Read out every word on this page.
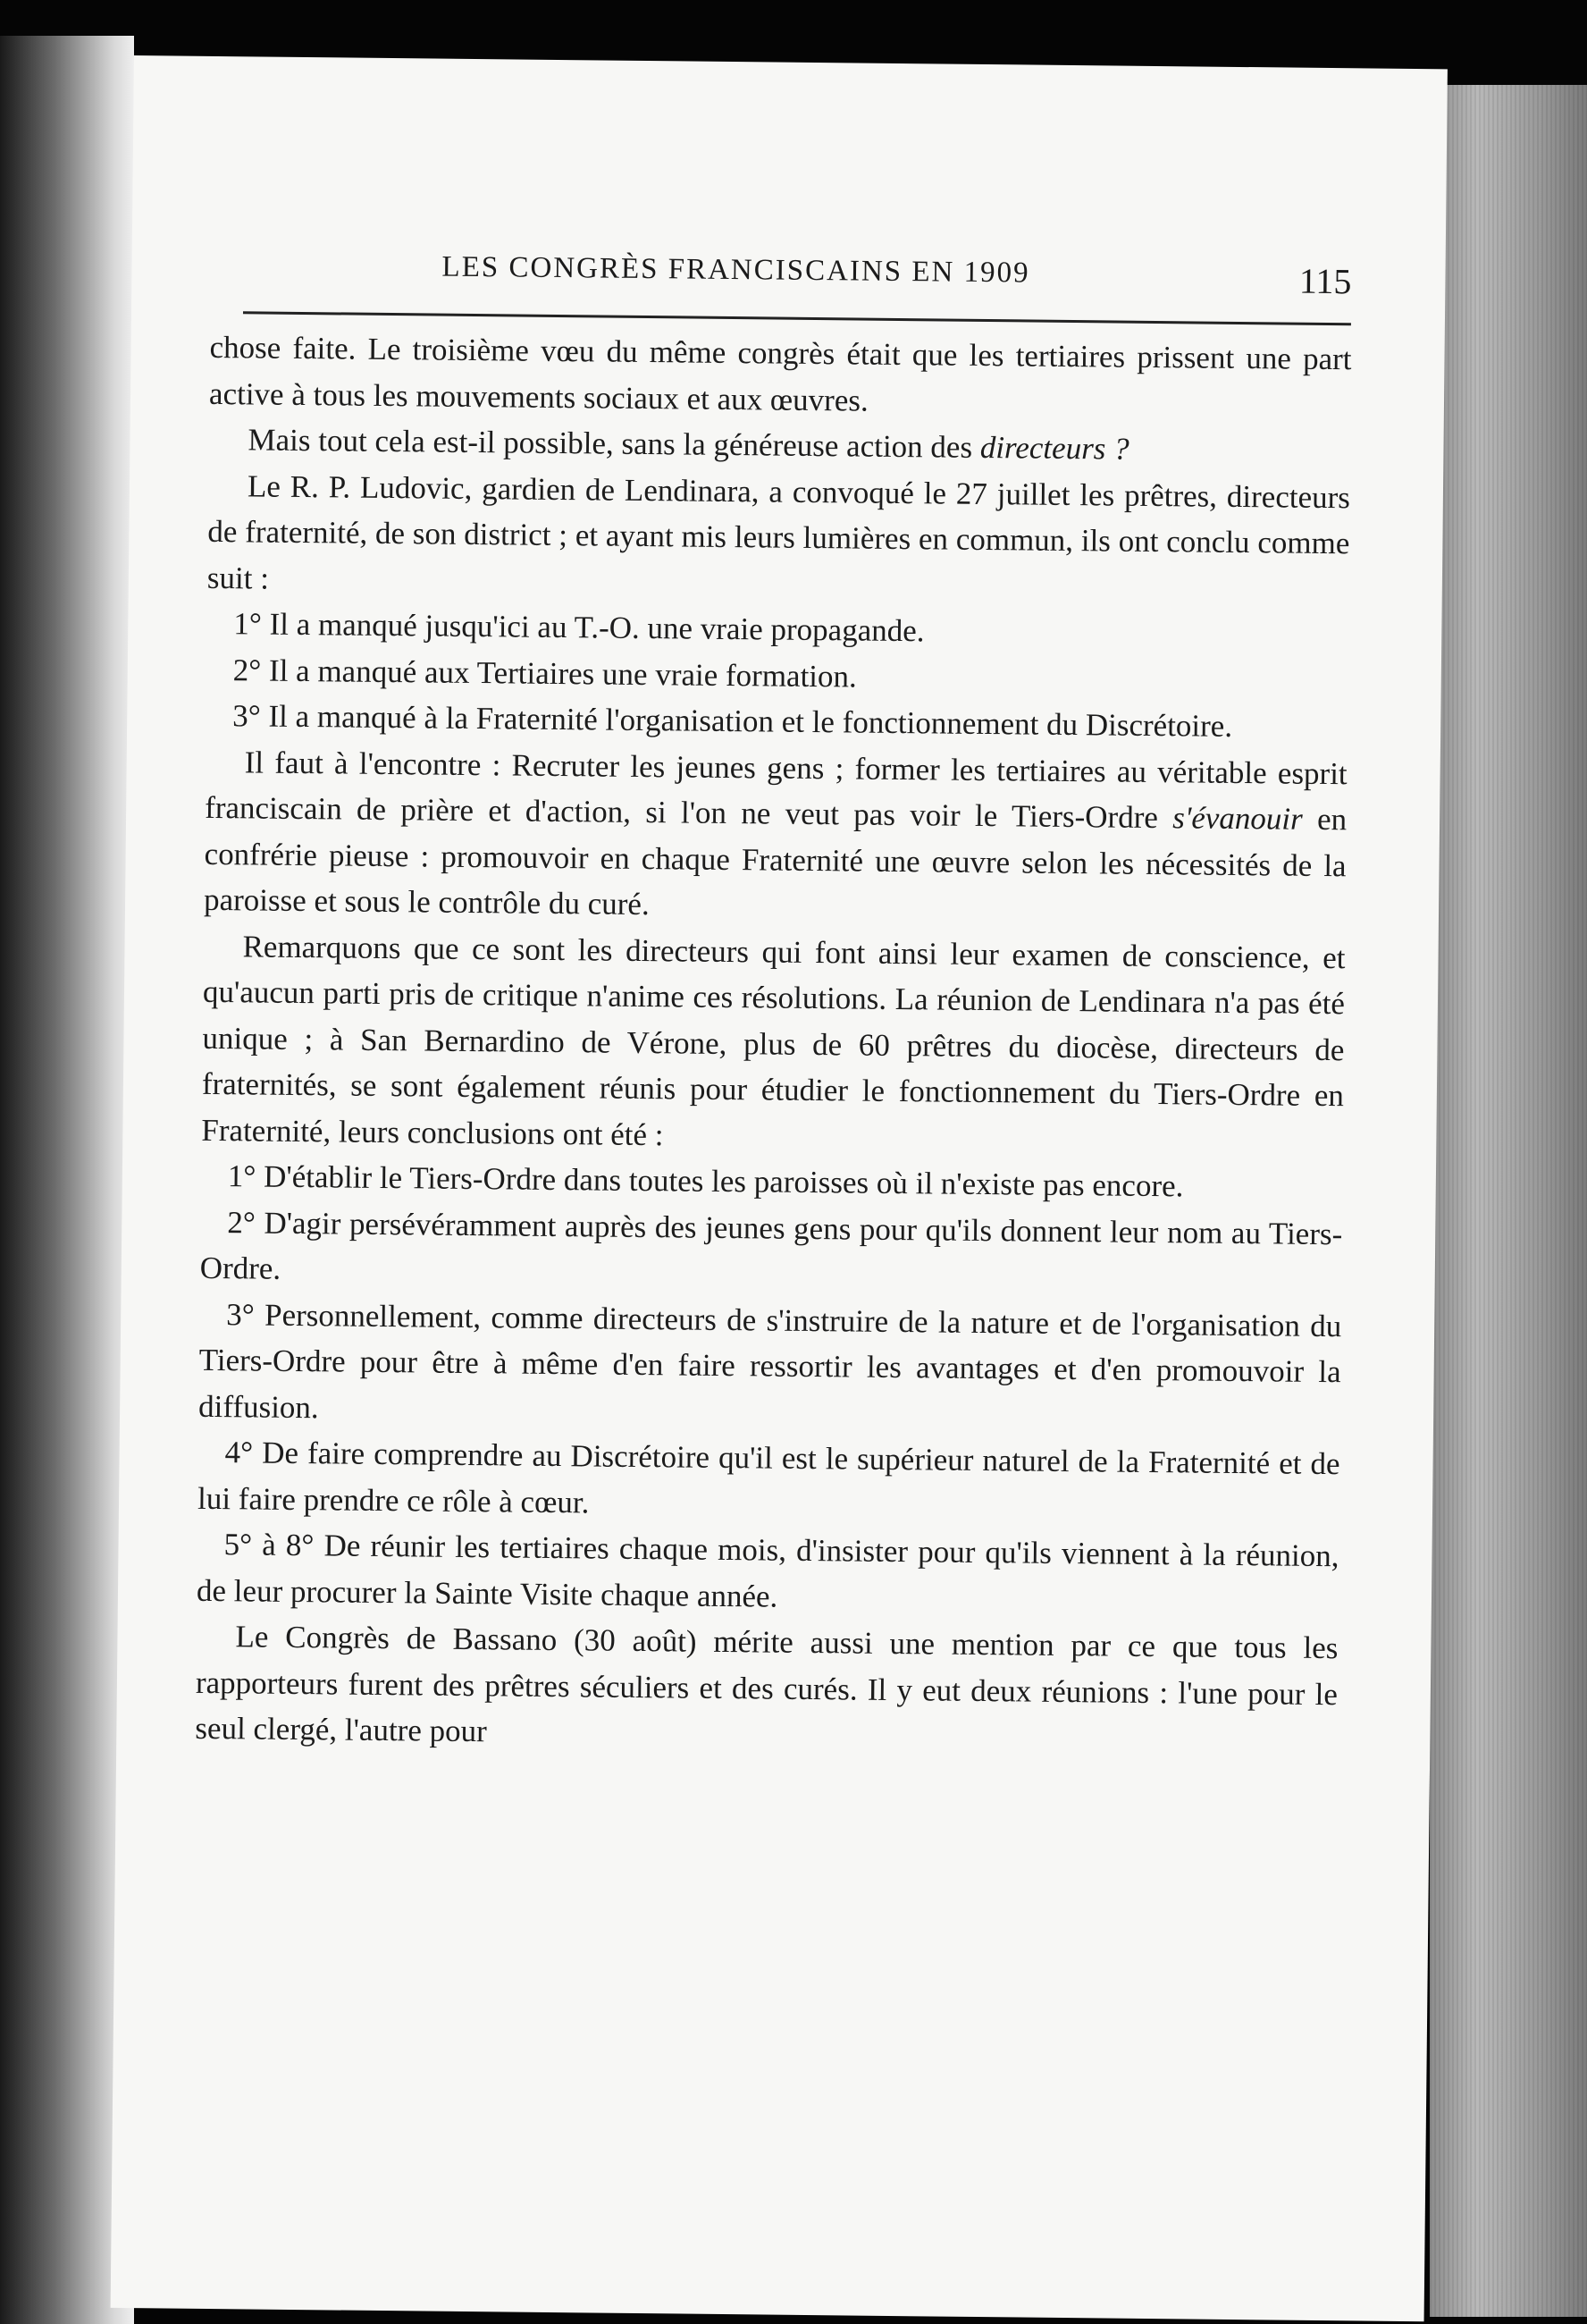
LES CONGRÈS FRANCISCAINS EN 1909	115

chose faite. Le troisième vœu du même congrès était que les tertiaires prissent une part active à tous les mouvements sociaux et aux œuvres.

Mais tout cela est-il possible, sans la généreuse action des directeurs ?

Le R. P. Ludovic, gardien de Lendinara, a convoqué le 27 juillet les prêtres, directeurs de fraternité, de son district ; et ayant mis leurs lumières en commun, ils ont conclu comme suit :

1° Il a manqué jusqu'ici au T.-O. une vraie propagande.

2° Il a manqué aux Tertiaires une vraie formation.

3° Il a manqué à la Fraternité l'organisation et le fonctionnement du Discrétoire.

Il faut à l'encontre : Recruter les jeunes gens ; former les tertiaires au véritable esprit franciscain de prière et d'action, si l'on ne veut pas voir le Tiers-Ordre s'évanouir en confrérie pieuse : promouvoir en chaque Fraternité une œuvre selon les nécessités de la paroisse et sous le contrôle du curé.

Remarquons que ce sont les directeurs qui font ainsi leur examen de conscience, et qu'aucun parti pris de critique n'anime ces résolutions. La réunion de Lendinara n'a pas été unique ; à San Bernardino de Vérone, plus de 60 prêtres du diocèse, directeurs de fraternités, se sont également réunis pour étudier le fonctionnement du Tiers-Ordre en Fraternité, leurs conclusions ont été :

1° D'établir le Tiers-Ordre dans toutes les paroisses où il n'existe pas encore.

2° D'agir persévéramment auprès des jeunes gens pour qu'ils donnent leur nom au Tiers-Ordre.

3° Personnellement, comme directeurs de s'instruire de la nature et de l'organisation du Tiers-Ordre pour être à même d'en faire ressortir les avantages et d'en promouvoir la diffusion.

4° De faire comprendre au Discrétoire qu'il est le supérieur naturel de la Fraternité et de lui faire prendre ce rôle à cœur.

5° à 8° De réunir les tertiaires chaque mois, d'insister pour qu'ils viennent à la réunion, de leur procurer la Sainte Visite chaque année.

Le Congrès de Bassano (30 août) mérite aussi une mention par ce que tous les rapporteurs furent des prêtres séculiers et des curés. Il y eut deux réunions : l'une pour le seul clergé, l'autre pour
